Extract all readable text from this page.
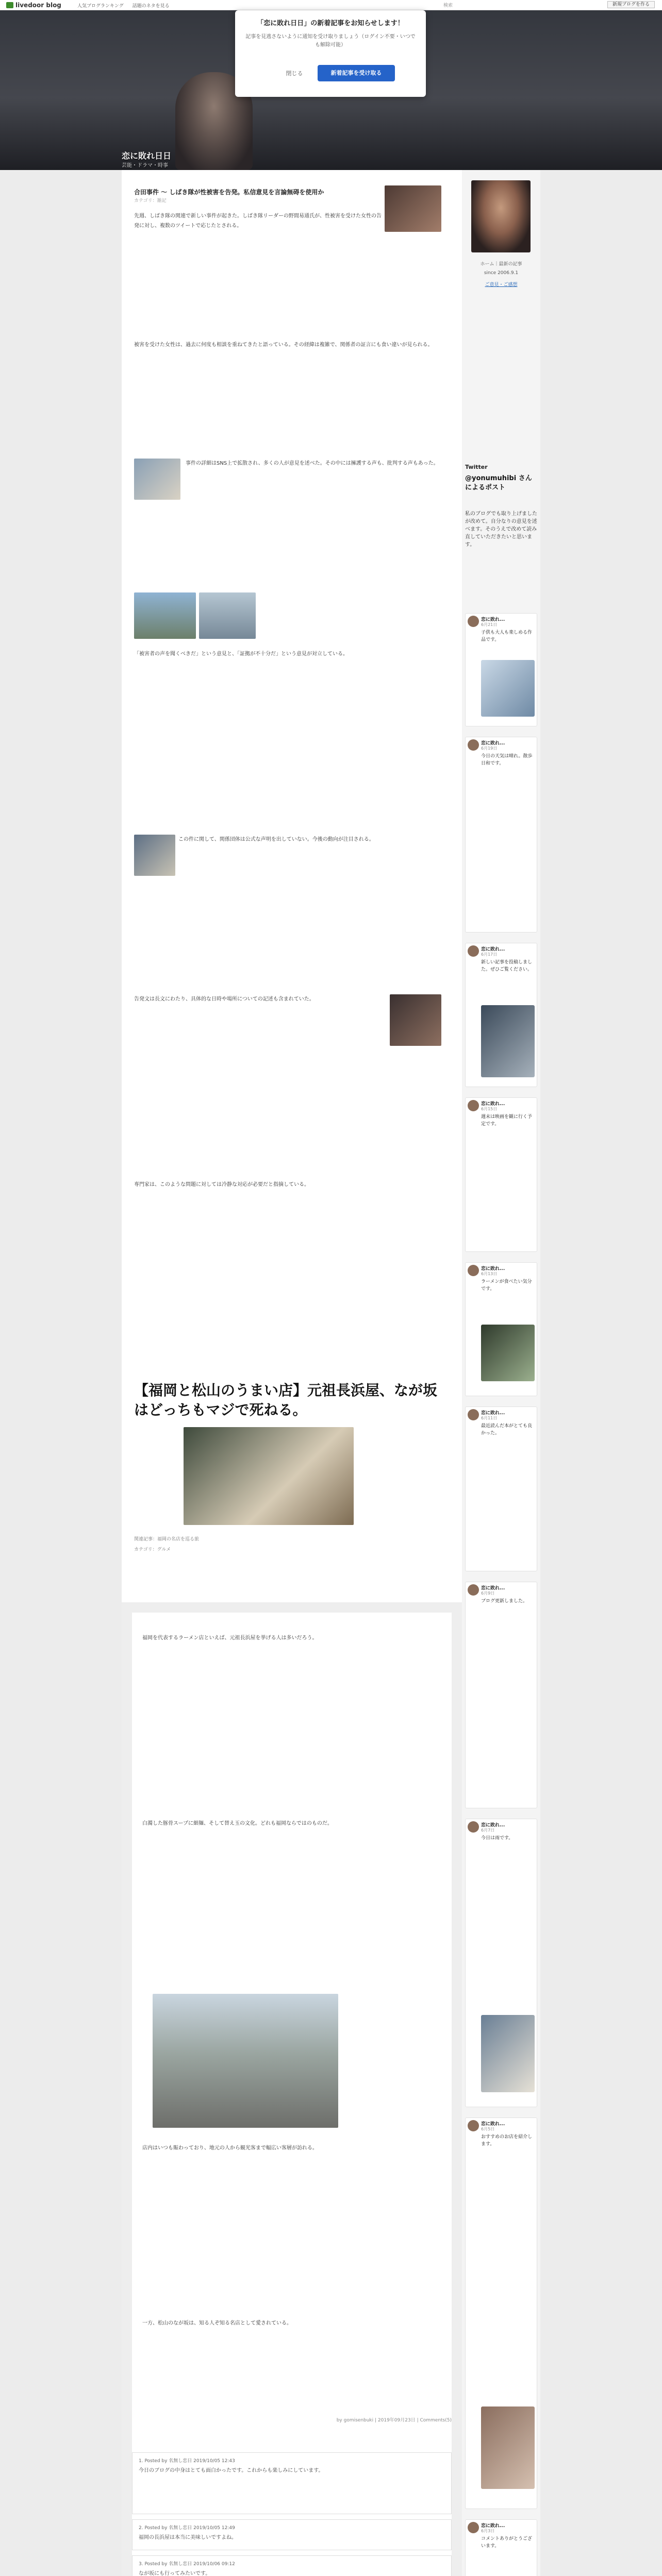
livedoor blog	人気ブログランキング 話題のネタを見る	検索	新規ブログを作る
恋に敗れ日日
芸能・ドラマ・時事
「恋に敗れ日日」の新着記事をお知らせします！
記事を見逃さないように通知を受け取りましょう（ログイン不要・いつでも解除可能）
閉じる	新着記事を受け取る
合田事件 ～ しばき隊が性被害を告発。私信意見を言論無碍を使用か
カテゴリ：雑記
先週、しばき隊の関連で新しい事件が起きた。しばき隊リーダーの野間易通氏が、性被害を受けた女性の告発に対し、複数のツイートで応じたとされる。
被害を受けた女性は、過去に何度も相談を重ねてきたと語っている。その経緯は複雑で、関係者の証言にも食い違いが見られる。
事件の詳細はSNS上で拡散され、多くの人が意見を述べた。その中には擁護する声も、批判する声もあった。
「被害者の声を聞くべきだ」という意見と、「証拠が不十分だ」という意見が対立している。
この件に関して、関係団体は公式な声明を出していない。今後の動向が注目される。
告発文は長文にわたり、具体的な日時や場所についての記述も含まれていた。
専門家は、このような問題に対しては冷静な対応が必要だと指摘している。
【福岡と松山のうまい店】元祖長浜屋、なが坂はどっちもマジで死ねる。
関連記事：福岡の名店を巡る旅
カテゴリ：グルメ
福岡を代表するラーメン店といえば、元祖長浜屋を挙げる人は多いだろう。
白濁した豚骨スープに細麺、そして替え玉の文化。どれも福岡ならではのものだ。
店内はいつも賑わっており、地元の人から観光客まで幅広い客層が訪れる。
一方、松山のなが坂は、知る人ぞ知る名店として愛されている。
by gomisenbuki | 2019年09月23日 | Comments(5)
1. Posted by 名無し恋日 2019/10/05 12:43
今日のブログの中身はとても面白かったです。これからも楽しみにしています。
2. Posted by 名無し恋日 2019/10/05 12:49
福岡の長浜屋は本当に美味しいですよね。
3. Posted by 名無し恋日 2019/10/06 09:12
なが坂にも行ってみたいです。
ホーム｜最新の記事
since 2006.9.1
ご意見・ご感想
Twitter
@yonumuhibi さんによるポスト
私のブログでも取り上げましたが改めて。自分なりの意見を述べます。そのうえで改めて読み直していただきたいと思います。
恋に敗れ...
6月21日
子供も大人も楽しめる作品です。
恋に敗れ...
6月19日
今日の天気は晴れ。散歩日和です。
恋に敗れ...
6月17日
新しい記事を投稿しました。ぜひご覧ください。
恋に敗れ...
6月15日
週末は映画を観に行く予定です。
恋に敗れ...
6月13日
ラーメンが食べたい気分です。
恋に敗れ...
6月11日
最近読んだ本がとても良かった。
恋に敗れ...
6月9日
ブログ更新しました。
恋に敗れ...
6月7日
今日は雨です。
恋に敗れ...
6月5日
おすすめのお店を紹介します。
恋に敗れ...
6月3日
コメントありがとうございます。
